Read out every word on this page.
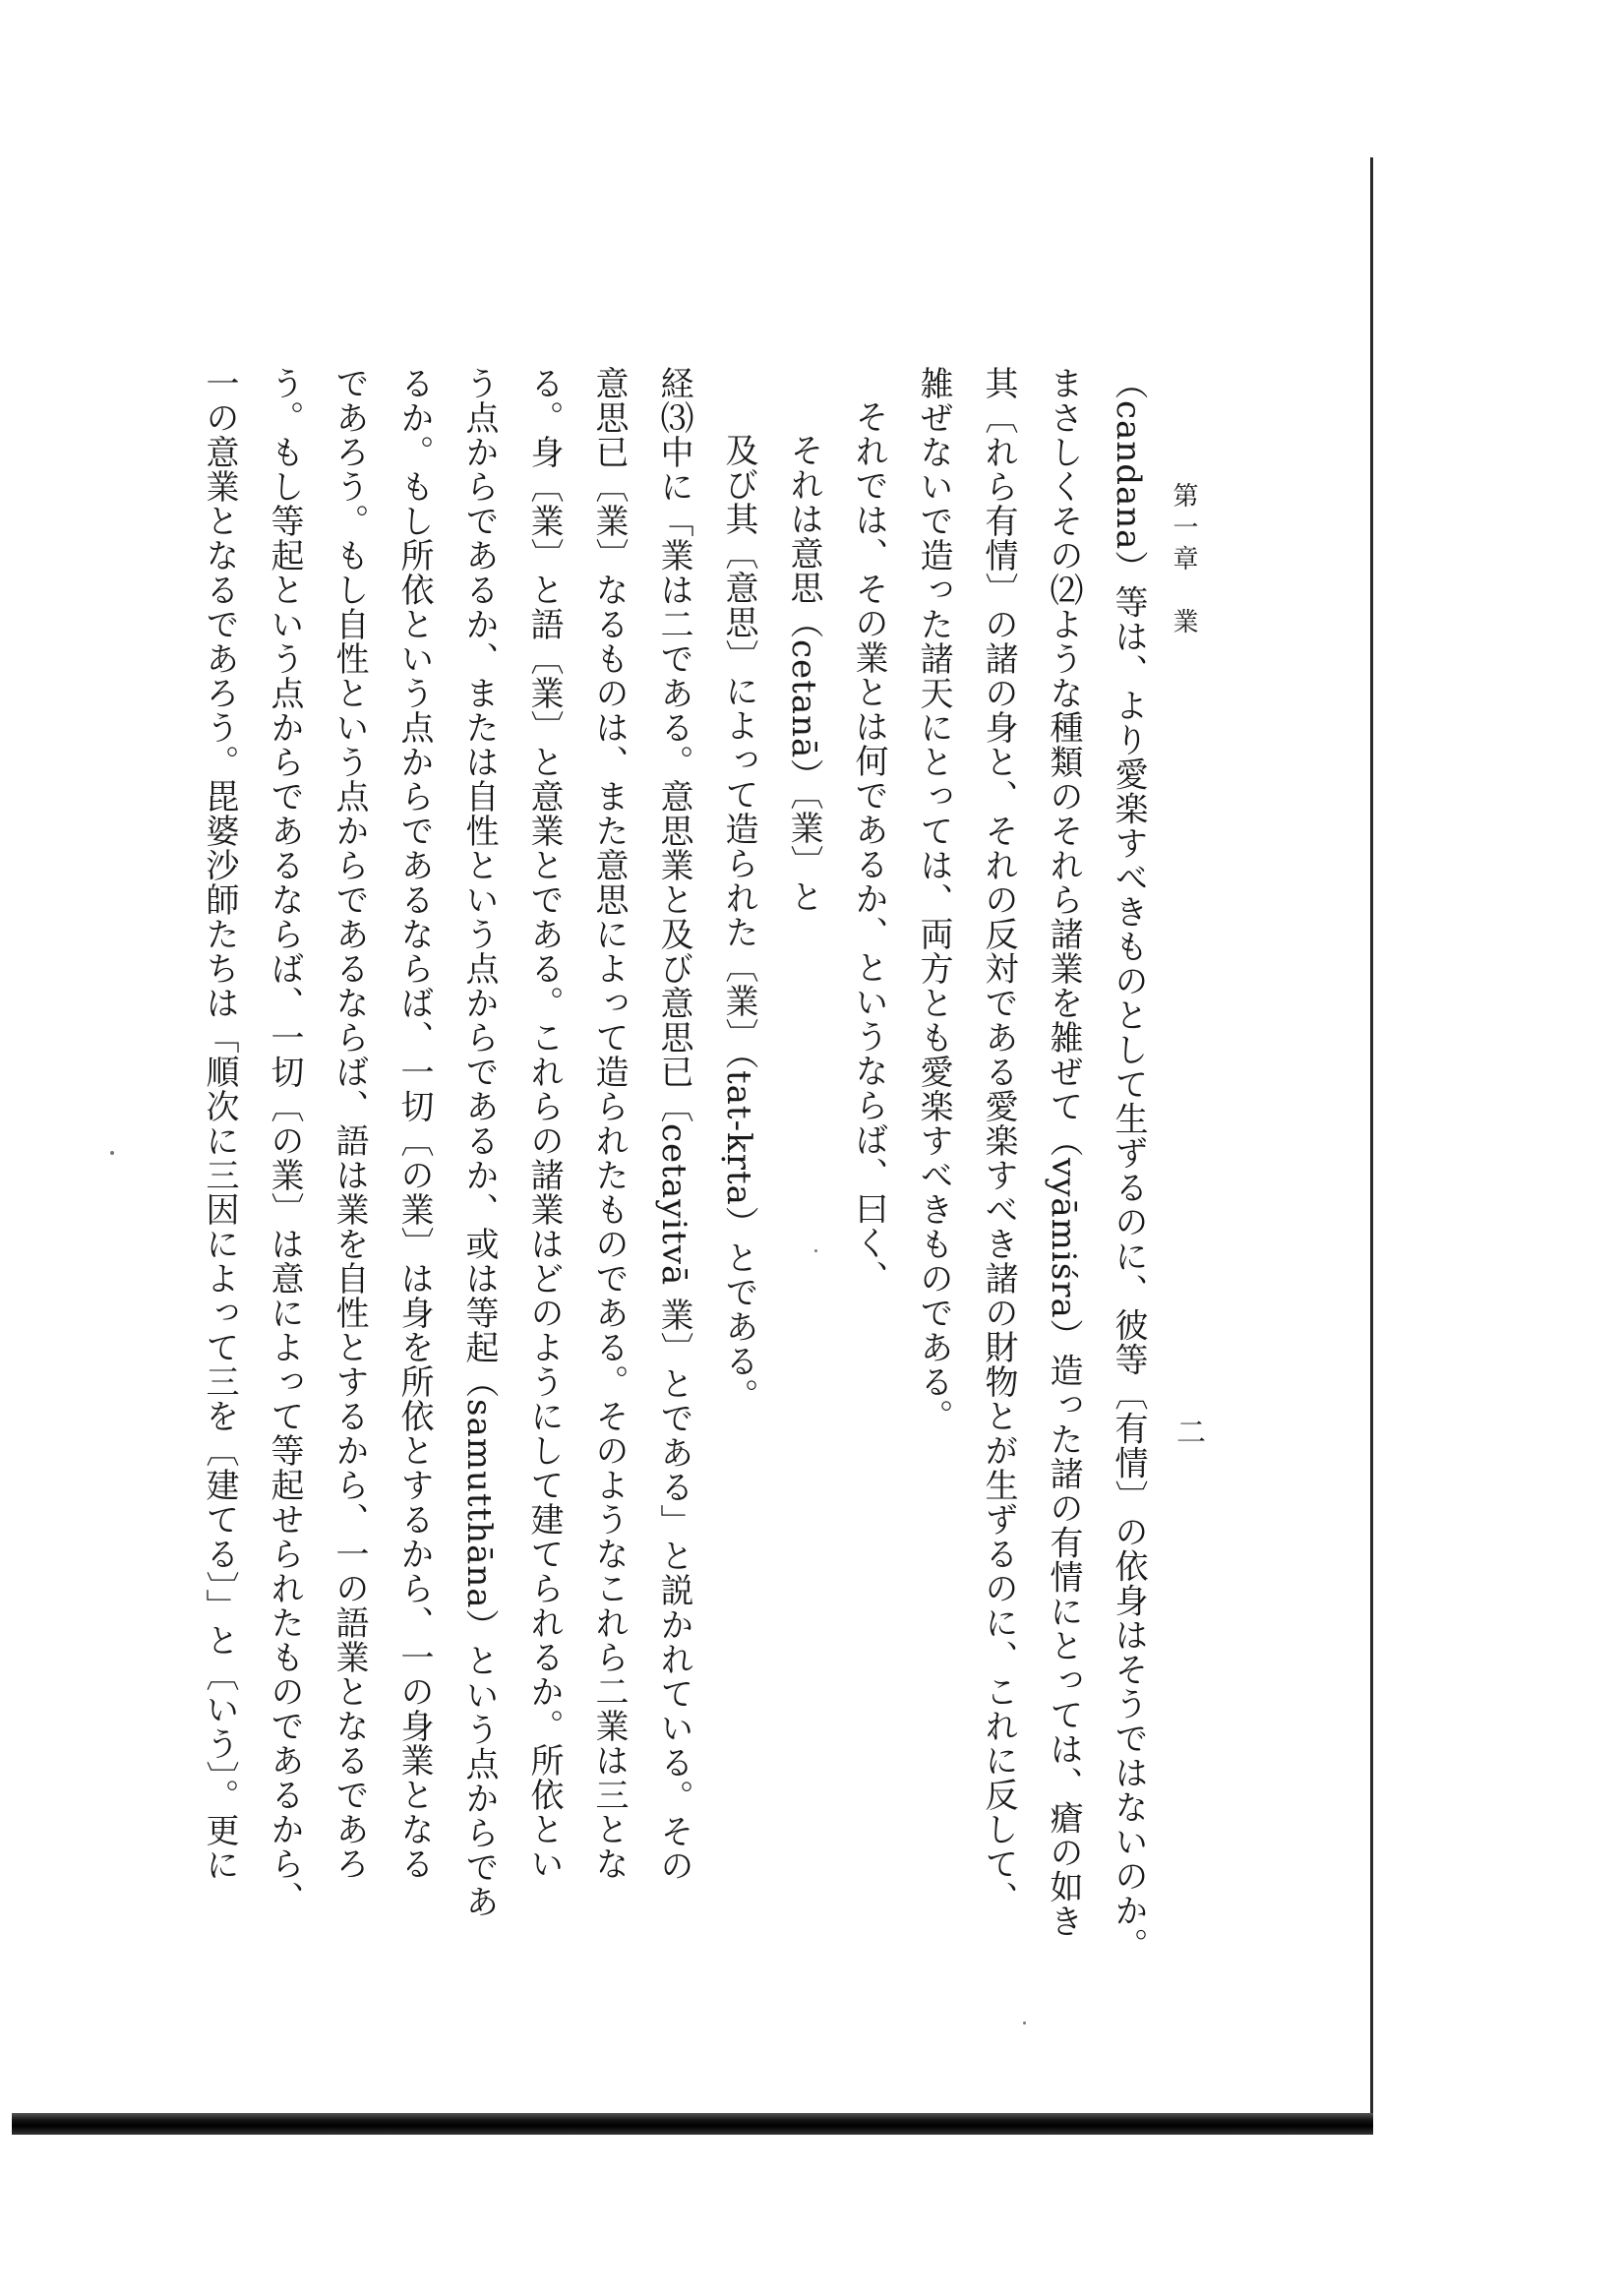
第一章　業
二
（candana）等は、より愛楽すべきものとして生ずるのに、彼等〔有情〕の依身はそうではないのか。
まさしくその⑵ような種類のそれら諸業を雑ぜて（vyāmiśra）造った諸の有情にとっては、瘡の如き
其〔れら有情〕の諸の身と、それの反対である愛楽すべき諸の財物とが生ずるのに、これに反して、
雑ぜないで造った諸天にとっては、両方とも愛楽すべきものである。
それでは、その業とは何であるか、というならば、曰く、
それは意思（cetanā）〔業〕と
及び其〔意思〕によって造られた〔業〕（tat-kṛta）とである。
経⑶中に「業は二である。意思業と及び意思已〔cetayitvā 業〕とである」と説かれている。その
意思已〔業〕なるものは、また意思によって造られたものである。そのようなこれら二業は三とな
る。身〔業〕と語〔業〕と意業とである。これらの諸業はどのようにして建てられるか。所依とい
う点からであるか、または自性という点からであるか、或は等起（samutthāna）という点からであ
るか。もし所依という点からであるならば、一切〔の業〕は身を所依とするから、一の身業となる
であろう。もし自性という点からであるならば、語は業を自性とするから、一の語業となるであろ
う。もし等起という点からであるならば、一切〔の業〕は意によって等起せられたものであるから、
一の意業となるであろう。毘婆沙師たちは「順次に三因によって三を〔建てる〕」と〔いう〕。更に
